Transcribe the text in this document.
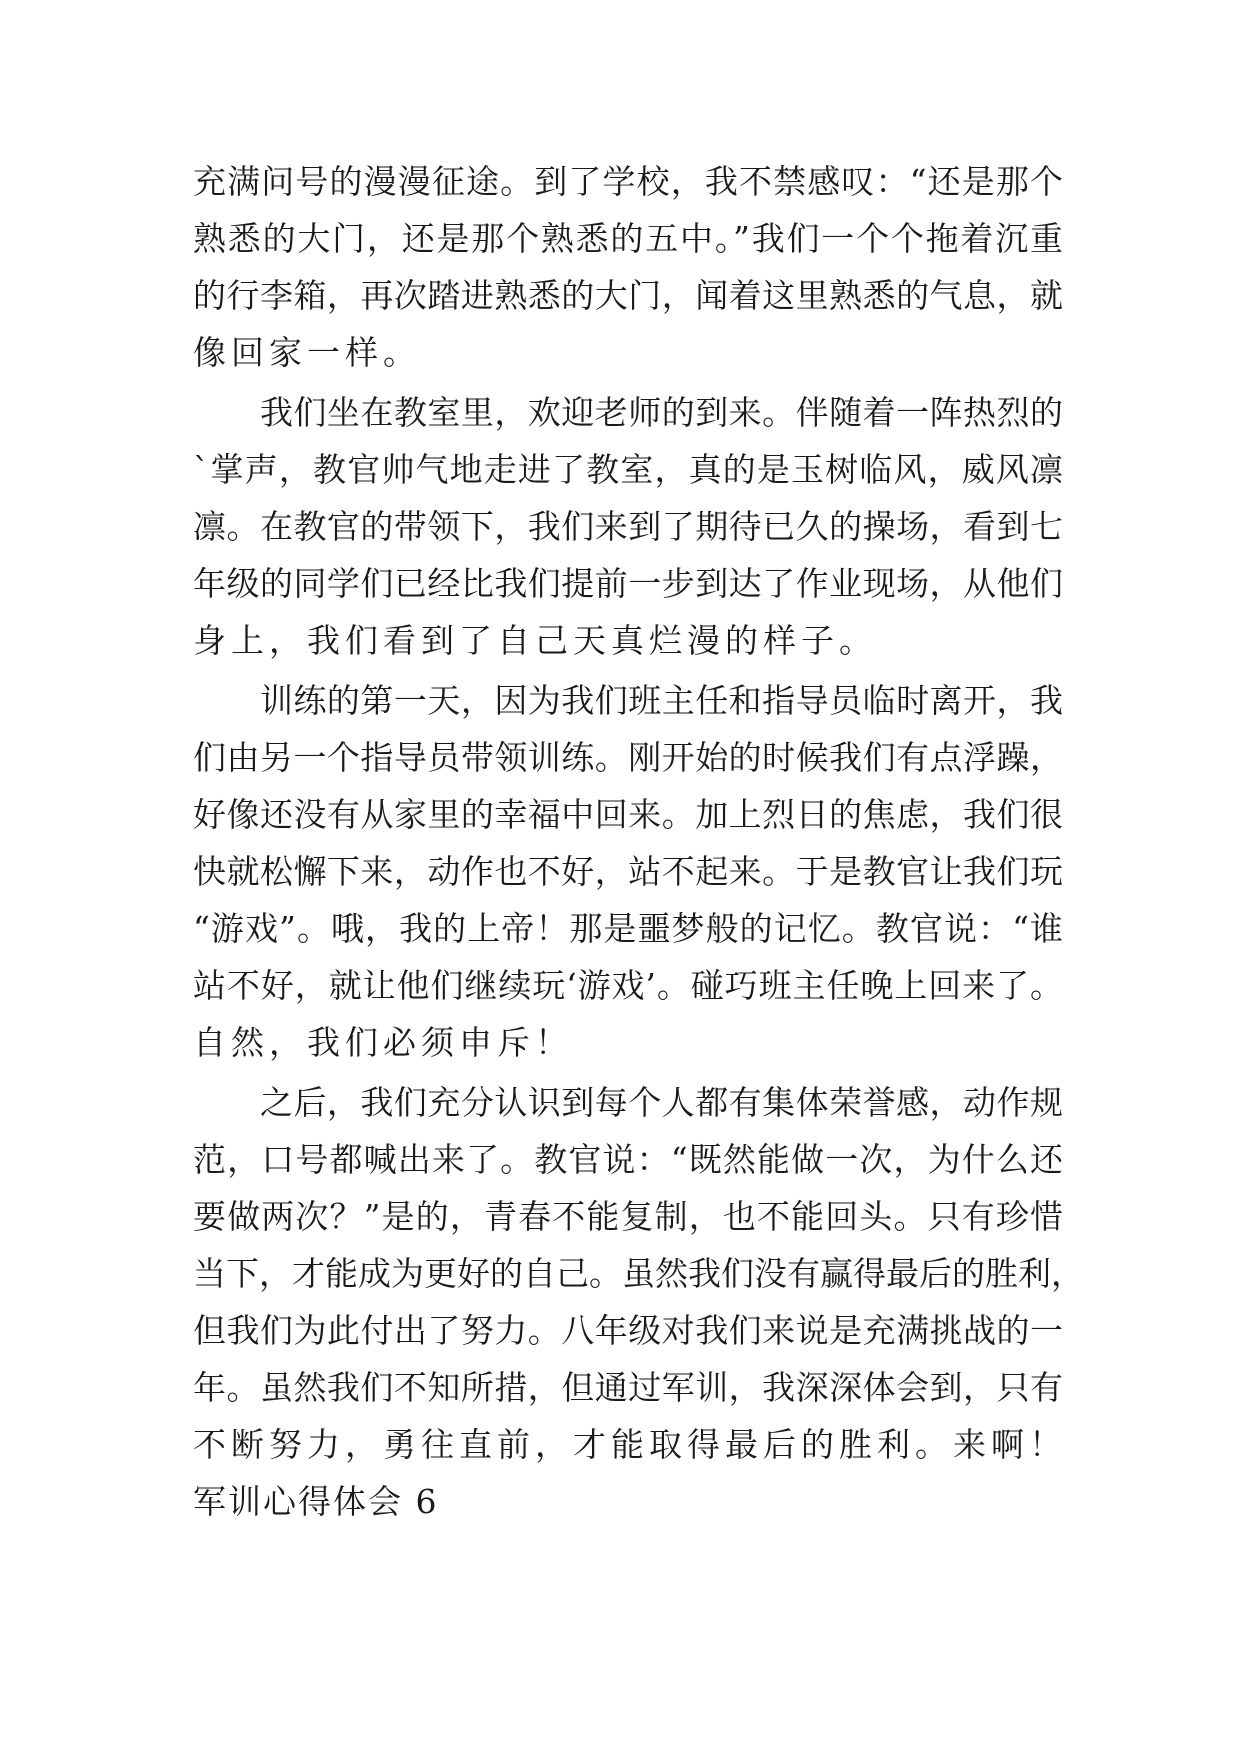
充满问号的漫漫征途。到了学校，我不禁感叹：“还是那个
熟悉的大门，还是那个熟悉的五中。”我们一个个拖着沉重
的行李箱，再次踏进熟悉的大门，闻着这里熟悉的气息，就
像回家一样。
　　我们坐在教室里，欢迎老师的到来。伴随着一阵热烈的
`掌声，教官帅气地走进了教室，真的是玉树临风，威风凛
凛。在教官的带领下，我们来到了期待已久的操场，看到七
年级的同学们已经比我们提前一步到达了作业现场，从他们
身上，我们看到了自己天真烂漫的样子。
　　训练的第一天，因为我们班主任和指导员临时离开，我
们由另一个指导员带领训练。刚开始的时候我们有点浮躁，
好像还没有从家里的幸福中回来。加上烈日的焦虑，我们很
快就松懈下来，动作也不好，站不起来。于是教官让我们玩
“游戏”。哦，我的上帝！那是噩梦般的记忆。教官说：“谁
站不好，就让他们继续玩‘游戏’。碰巧班主任晚上回来了。
自然，我们必须申斥！
　　之后，我们充分认识到每个人都有集体荣誉感，动作规
范，口号都喊出来了。教官说：“既然能做一次，为什么还
要做两次？”是的，青春不能复制，也不能回头。只有珍惜
当下，才能成为更好的自己。虽然我们没有赢得最后的胜利，
但我们为此付出了努力。八年级对我们来说是充满挑战的一
年。虽然我们不知所措，但通过军训，我深深体会到，只有
不断努力，勇往直前，才能取得最后的胜利。来啊！
军训心得体会 6
